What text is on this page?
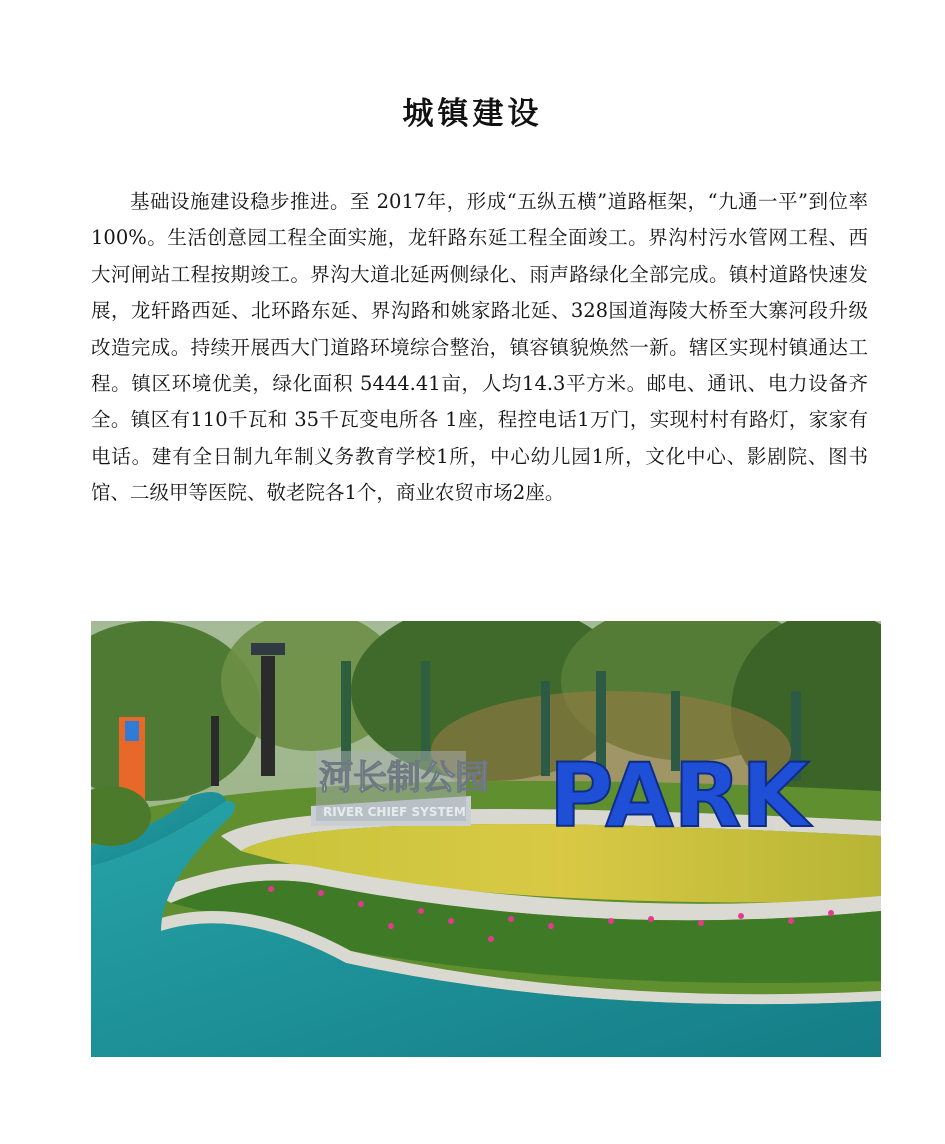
城镇建设

基础设施建设稳步推进。至 2017年，形成“五纵五横”道路框架，“九通一平”到位率 100%。生活创意园工程全面实施，龙轩路东延工程全面竣工。界沟村污水管网工程、西大河闸站工程按期竣工。界沟大道北延两侧绿化、雨声路绿化全部完成。镇村道路快速发展，龙轩路西延、北环路东延、界沟路和姚家路北延、328国道海陵大桥至大寨河段升级改造完成。持续开展西大门道路环境综合整治，镇容镇貌焕然一新。辖区实现村镇通达工程。镇区环境优美，绿化面积 5444.41亩，人均14.3平方米。邮电、通讯、电力设备齐全。镇区有110千瓦和 35千瓦变电所各 1座，程控电话1万门，实现村村有路灯，家家有电话。建有全日制九年制义务教育学校1所，中心幼儿园1所，文化中心、影剧院、图书馆、二级甲等医院、敬老院各1个，商业农贸市场2座。

河长制公园
RIVER CHIEF SYSTEM PARK
